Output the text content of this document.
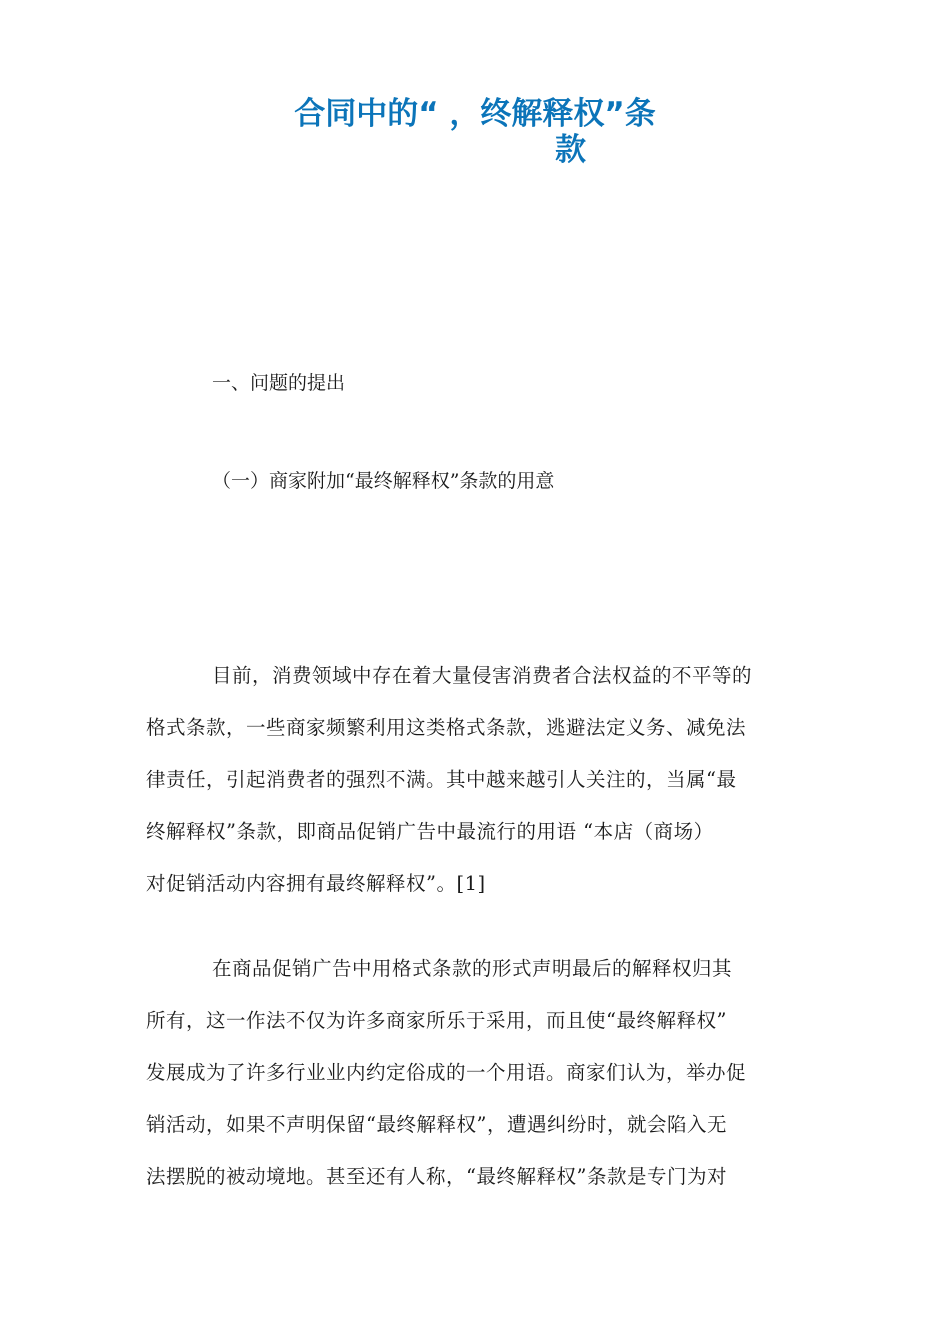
合同中的“ ，终解释权”条
款
一、问题的提出
（一）商家附加“最终解释权”条款的用意
目前，消费领域中存在着大量侵害消费者合法权益的不平等的
格式条款，一些商家频繁利用这类格式条款，逃避法定义务、减免法
律责任，引起消费者的强烈不满。其中越来越引人关注的，当属“最
终解释权”条款，即商品促销广告中最流行的用语 “本店（商场）
对促销活动内容拥有最终解释权”。[1]
在商品促销广告中用格式条款的形式声明最后的解释权归其
所有，这一作法不仅为许多商家所乐于采用，而且使“最终解释权”
发展成为了许多行业业内约定俗成的一个用语。商家们认为，举办促
销活动，如果不声明保留“最终解释权”，遭遇纠纷时，就会陷入无
法摆脱的被动境地。甚至还有人称，“最终解释权”条款是专门为对
